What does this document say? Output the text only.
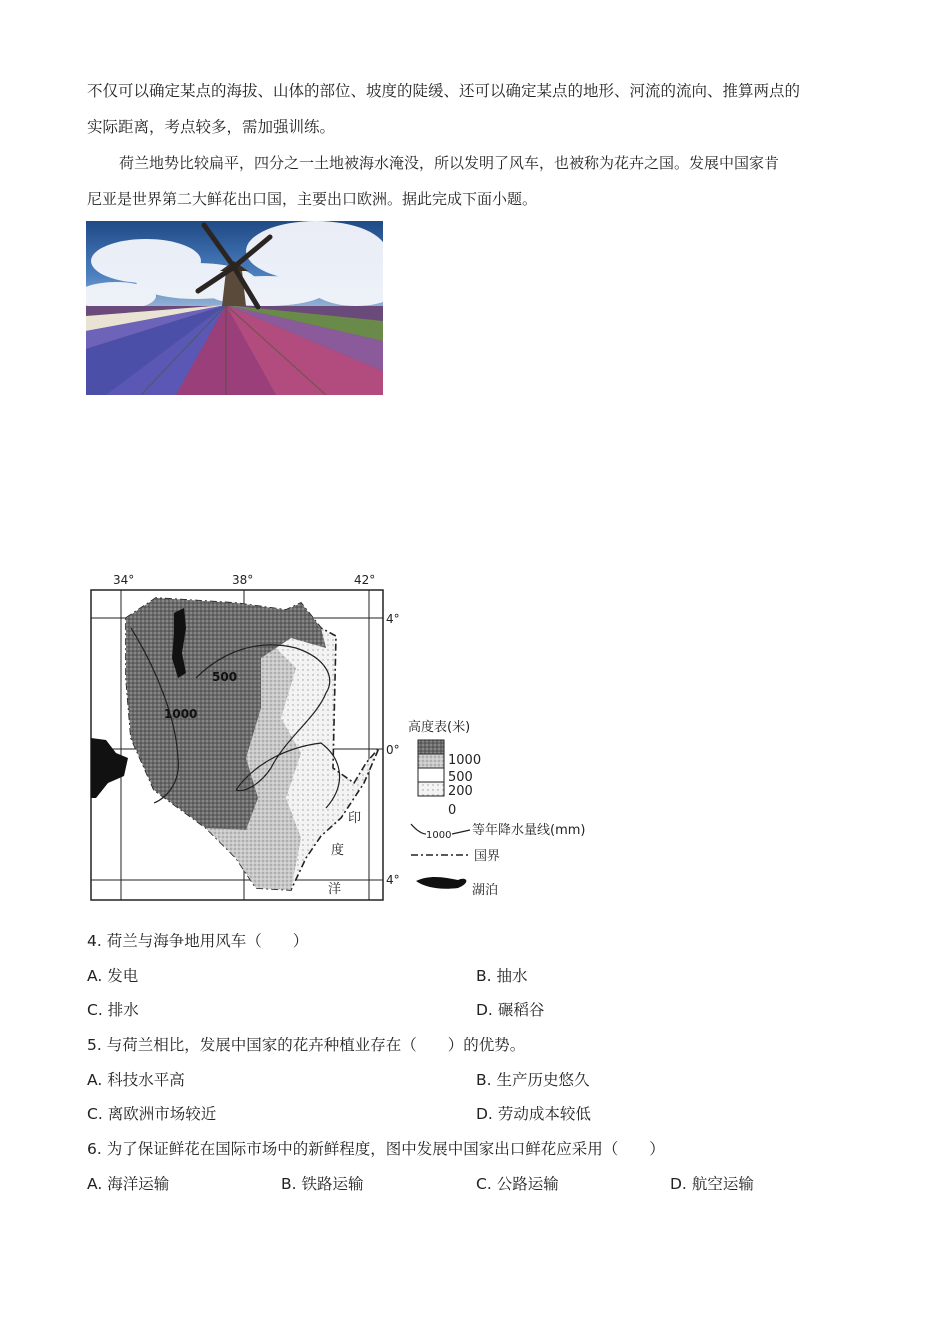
不仅可以确定某点的海拔、山体的部位、坡度的陡缓、还可以确定某点的地形、河流的流向、推算两点的
实际距离，考点较多，需加强训练。
荷兰地势比较扁平，四分之一土地被海水淹没，所以发明了风车，也被称为花卉之国。发展中国家肯
尼亚是世界第二大鲜花出口国，主要出口欧洲。据此完成下面小题。
34°	38°	42°
4°
0°
4°
500
1000
印
度
洋
高度表(米)
1000
500
200
0
1000 等年降水量线(mm)
国界
湖泊
4. 荷兰与海争地用风车（　　）
A. 发电	B. 抽水
C. 排水	D. 碾稻谷
5. 与荷兰相比，发展中国家的花卉种植业存在（　　）的优势。
A. 科技水平高	B. 生产历史悠久
C. 离欧洲市场较近	D. 劳动成本较低
6. 为了保证鲜花在国际市场中的新鲜程度，图中发展中国家出口鲜花应采用（　　）
A. 海洋运输	B. 铁路运输	C. 公路运输	D. 航空运输
